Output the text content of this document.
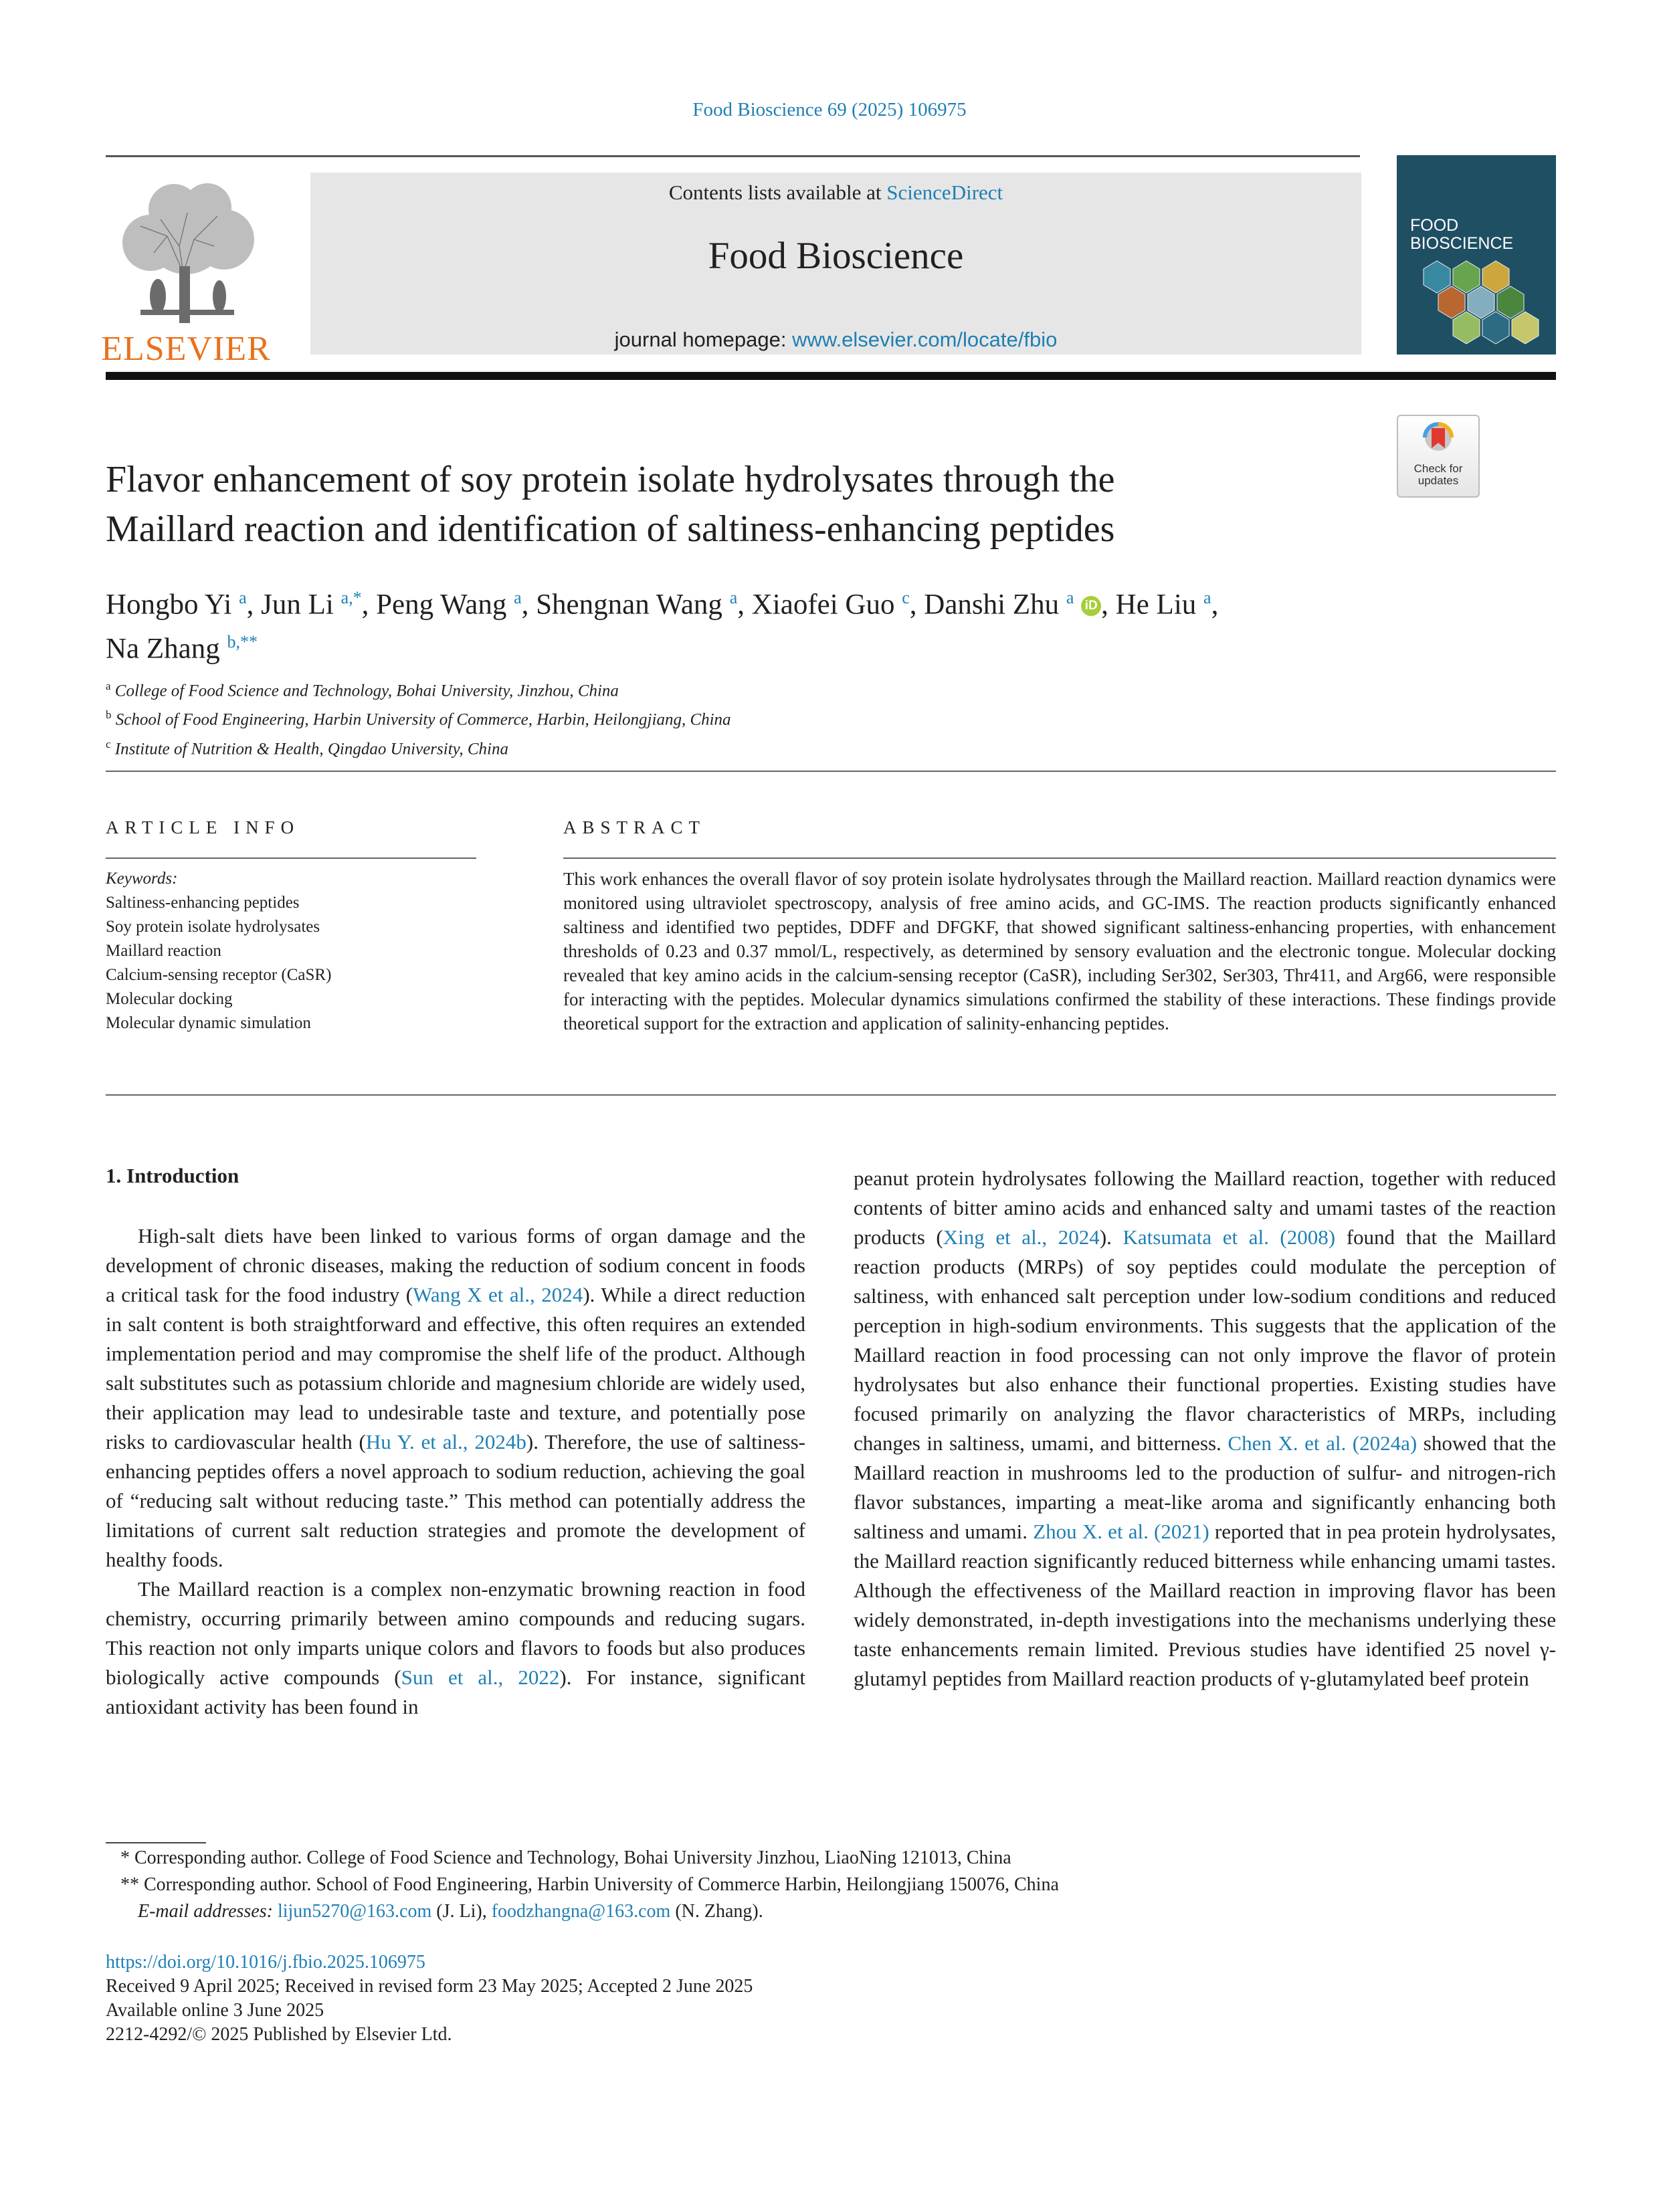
Food Bioscience 69 (2025) 106975
ELSEVIER
Contents lists available at ScienceDirect
Food Bioscience
journal homepage: www.elsevier.com/locate/fbio
FOOD
BIOSCIENCE
Check for
updates
Flavor enhancement of soy protein isolate hydrolysates through the
Maillard reaction and identification of saltiness-enhancing peptides
Hongbo Yi $^a$, Jun Li $^{a,*}$, Peng Wang $^a$, Shengnan Wang $^a$, Xiaofei Guo $^c$, Danshi Zhu $^a$ iD , He Liu $^a$,
Na Zhang $^{b,**}$
$^a$ College of Food Science and Technology, Bohai University, Jinzhou, China
$^b$ School of Food Engineering, Harbin University of Commerce, Harbin, Heilongjiang, China
$^c$ Institute of Nutrition & Health, Qingdao University, China
ARTICLE INFO	ABSTRACT
Keywords:
Saltiness-enhancing peptides
Soy protein isolate hydrolysates
Maillard reaction
Calcium-sensing receptor (CaSR)
Molecular docking
Molecular dynamic simulation
This work enhances the overall flavor of soy protein isolate hydrolysates through the Maillard reaction. Maillard reaction dynamics were monitored using ultraviolet spectroscopy, analysis of free amino acids, and GC-IMS. The reaction products significantly enhanced saltiness and identified two peptides, DDFF and DFGKF, that showed significant saltiness-enhancing properties, with enhancement thresholds of 0.23 and 0.37 mmol/L, respectively, as determined by sensory evaluation and the electronic tongue. Molecular docking revealed that key amino acids in the calcium-sensing receptor (CaSR), including Ser302, Ser303, Thr411, and Arg66, were responsible for interacting with the peptides. Molecular dynamics simulations confirmed the stability of these interactions. These findings provide theoretical support for the extraction and application of salinity-enhancing peptides.
1. Introduction

High-salt diets have been linked to various forms of organ damage and the development of chronic diseases, making the reduction of sodium concent in foods a critical task for the food industry (Wang X et al., 2024). While a direct reduction in salt content is both straightforward and effective, this often requires an extended implementation period and may compromise the shelf life of the product. Although salt substitutes such as potassium chloride and magnesium chloride are widely used, their application may lead to undesirable taste and texture, and potentially pose risks to cardiovascular health (Hu Y. et al., 2024b). Therefore, the use of saltiness-enhancing peptides offers a novel approach to sodium reduction, achieving the goal of “reducing salt without reducing taste.” This method can potentially address the limitations of current salt reduction strategies and promote the development of healthy foods.

The Maillard reaction is a complex non-enzymatic browning reaction in food chemistry, occurring primarily between amino compounds and reducing sugars. This reaction not only imparts unique colors and flavors to foods but also produces biologically active compounds (Sun et al., 2022). For instance, significant antioxidant activity has been found in

peanut protein hydrolysates following the Maillard reaction, together with reduced contents of bitter amino acids and enhanced salty and umami tastes of the reaction products (Xing et al., 2024). Katsumata et al. (2008) found that the Maillard reaction products (MRPs) of soy peptides could modulate the perception of saltiness, with enhanced salt perception under low-sodium conditions and reduced perception in high-sodium environments. This suggests that the application of the Maillard reaction in food processing can not only improve the flavor of protein hydrolysates but also enhance their functional properties. Existing studies have focused primarily on analyzing the flavor characteristics of MRPs, including changes in saltiness, umami, and bitterness. Chen X. et al. (2024a) showed that the Maillard reaction in mushrooms led to the production of sulfur- and nitrogen-rich flavor substances, imparting a meat-like aroma and significantly enhancing both saltiness and umami. Zhou X. et al. (2021) reported that in pea protein hydrolysates, the Maillard reaction significantly reduced bitterness while enhancing umami tastes. Although the effectiveness of the Maillard reaction in improving flavor has been widely demonstrated, in-depth investigations into the mechanisms underlying these taste enhancements remain limited. Previous studies have identified 25 novel γ-glutamyl peptides from Maillard reaction products of γ-glutamylated beef protein

* Corresponding author. College of Food Science and Technology, Bohai University Jinzhou, LiaoNing 121013, China
** Corresponding author. School of Food Engineering, Harbin University of Commerce Harbin, Heilongjiang 150076, China
E-mail addresses: lijun5270@163.com (J. Li), foodzhangna@163.com (N. Zhang).
https://doi.org/10.1016/j.fbio.2025.106975
Received 9 April 2025; Received in revised form 23 May 2025; Accepted 2 June 2025
Available online 3 June 2025
2212-4292/© 2025 Published by Elsevier Ltd.
